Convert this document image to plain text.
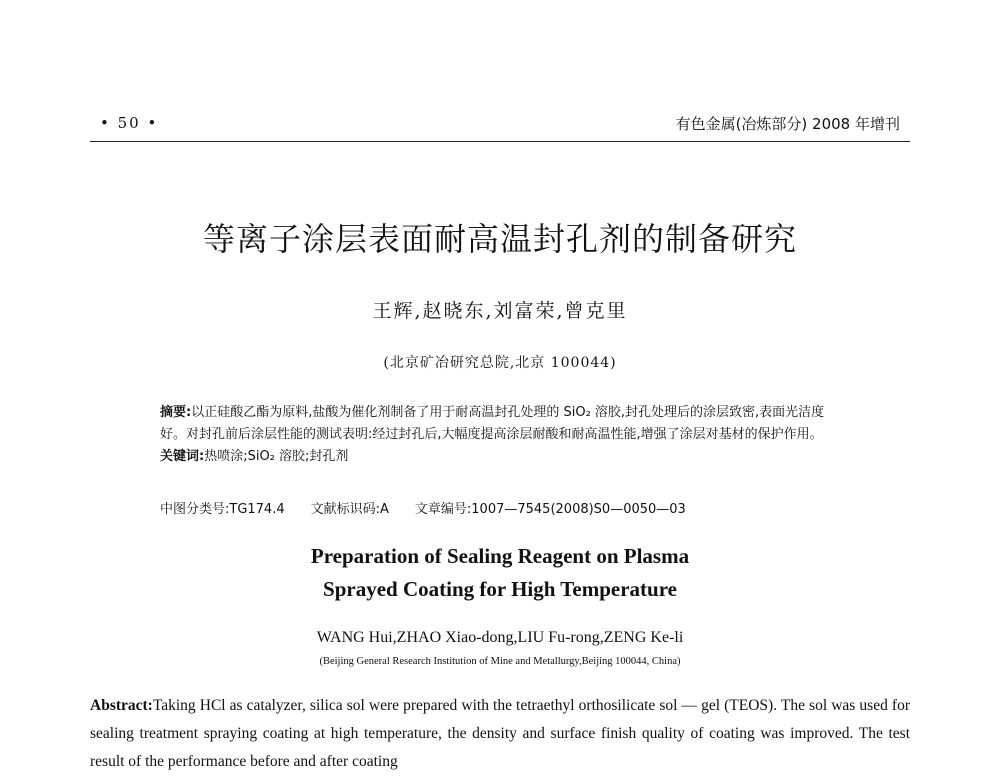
• 50 •	有色金属(冶炼部分) 2008 年增刊
等离子涂层表面耐高温封孔剂的制备研究
王辉,赵晓东,刘富荣,曾克里
(北京矿冶研究总院,北京 100044)

摘要:以正硅酸乙酯为原料,盐酸为催化剂制备了用于耐高温封孔处理的 SiO₂ 溶胶,封孔处理后的涂层致密,表面光洁度好。对封孔前后涂层性能的测试表明:经过封孔后,大幅度提高涂层耐酸和耐高温性能,增强了涂层对基材的保护作用。

关键词:热喷涂;SiO₂ 溶胶;封孔剂

中图分类号:TG174.4 文献标识码:A 文章编号:1007—7545(2008)S0—0050—03
Preparation of Sealing Reagent on Plasma
Sprayed Coating for High Temperature
WANG Hui,ZHAO Xiao-dong,LIU Fu-rong,ZENG Ke-li
(Beijing General Research Institution of Mine and Metallurgy,Beijing 100044, China)

Abstract:Taking HCl as catalyzer, silica sol were prepared with the tetraethyl orthosilicate sol — gel (TEOS). The sol was used for sealing treatment spraying coating at high temperature, the density and surface finish quality of coating was improved. The test result of the performance before and after coating
